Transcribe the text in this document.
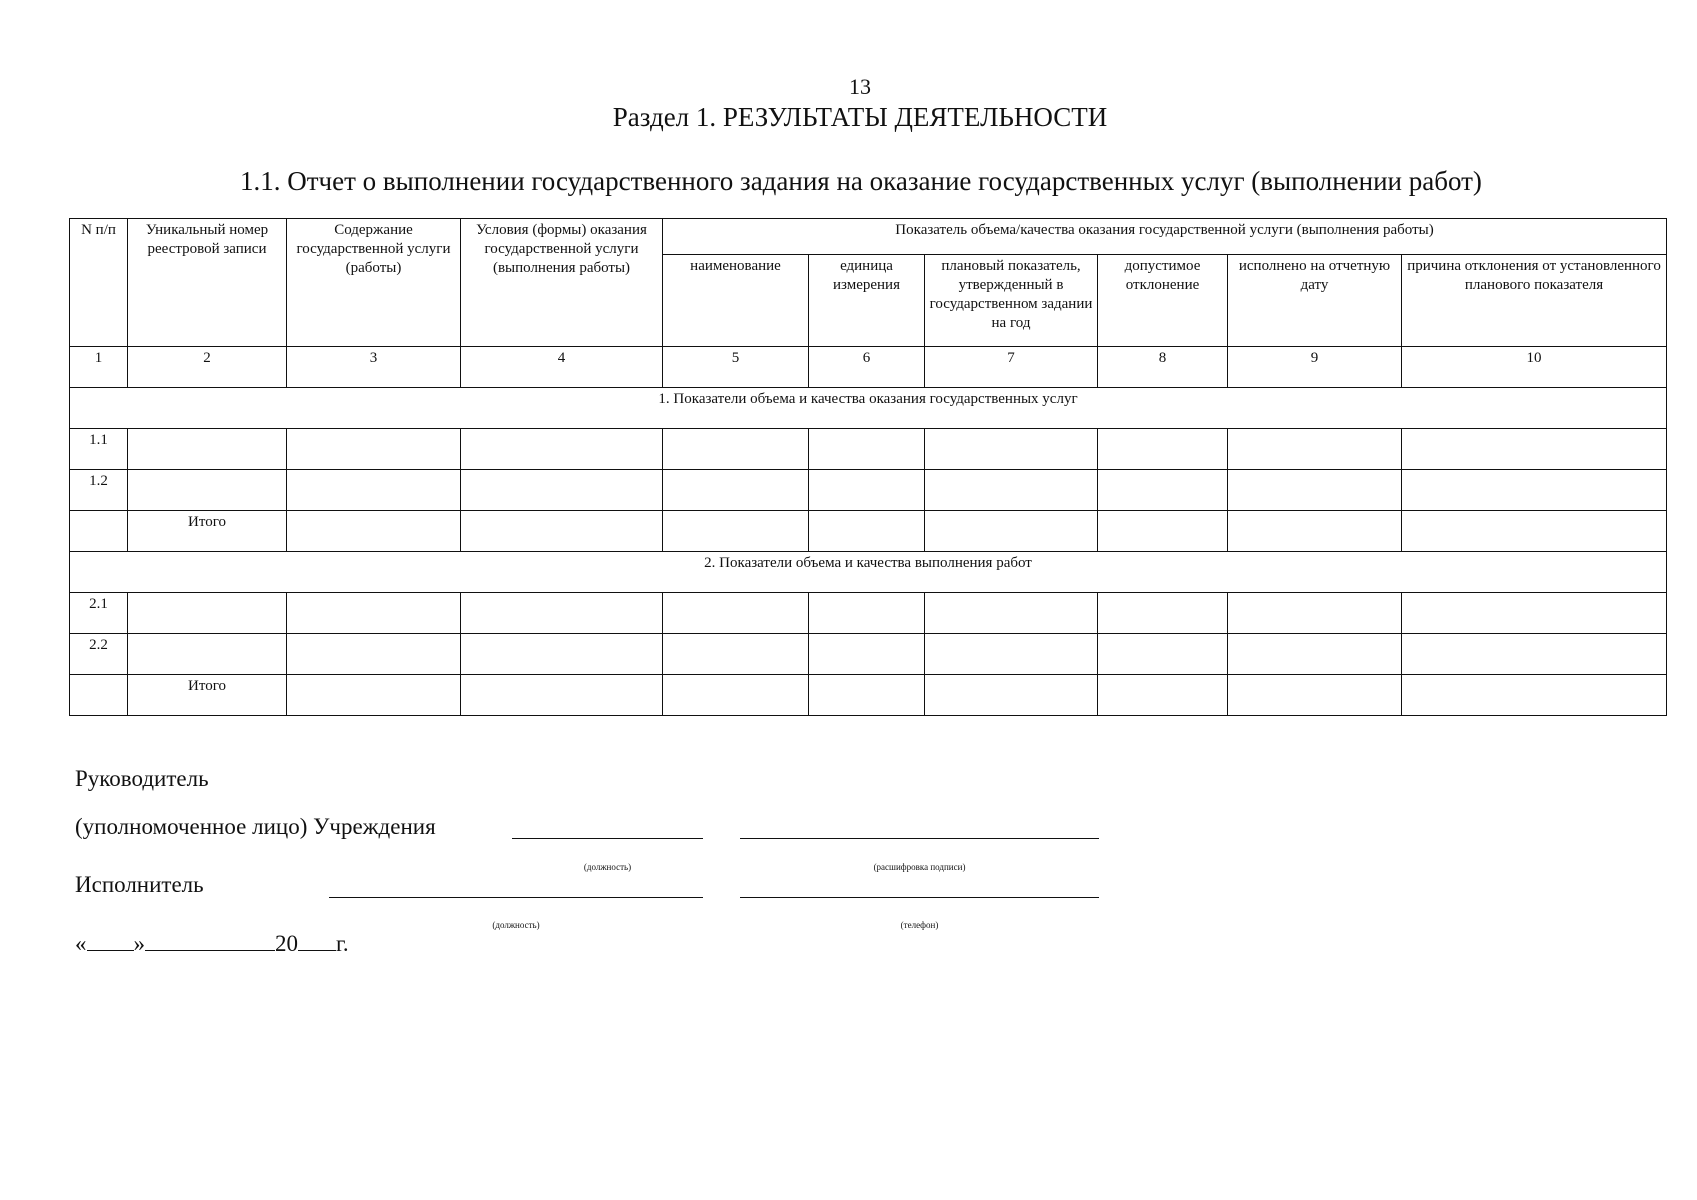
13
Раздел 1. РЕЗУЛЬТАТЫ ДЕЯТЕЛЬНОСТИ
1.1. Отчет о выполнении государственного задания на оказание государственных услуг (выполнении работ)
N п/п	Уникальный номер реестровой записи	Содержание государственной услуги (работы)	Условия (формы) оказания государственной услуги (выполнения работы)	Показатель объема/качества оказания государственной услуги (выполнения работы)					
				наименование	единица измерения	плановый показатель, утвержденный в государственном задании на год	допустимое отклонение	исполнено на отчетную дату	причина отклонения от установленного планового показателя
1	2	3	4	5	6	7	8	9	10
1. Показатели объема и качества оказания государственных услуг									
1.1									
1.2									
	Итого								
2. Показатели объема и качества выполнения работ									
2.1									
2.2									
	Итого								
Руководитель
(уполномоченное лицо) Учреждения
(должность)	(расшифровка подписи)
Исполнитель
(должность)	(телефон)
« »	20 г.
